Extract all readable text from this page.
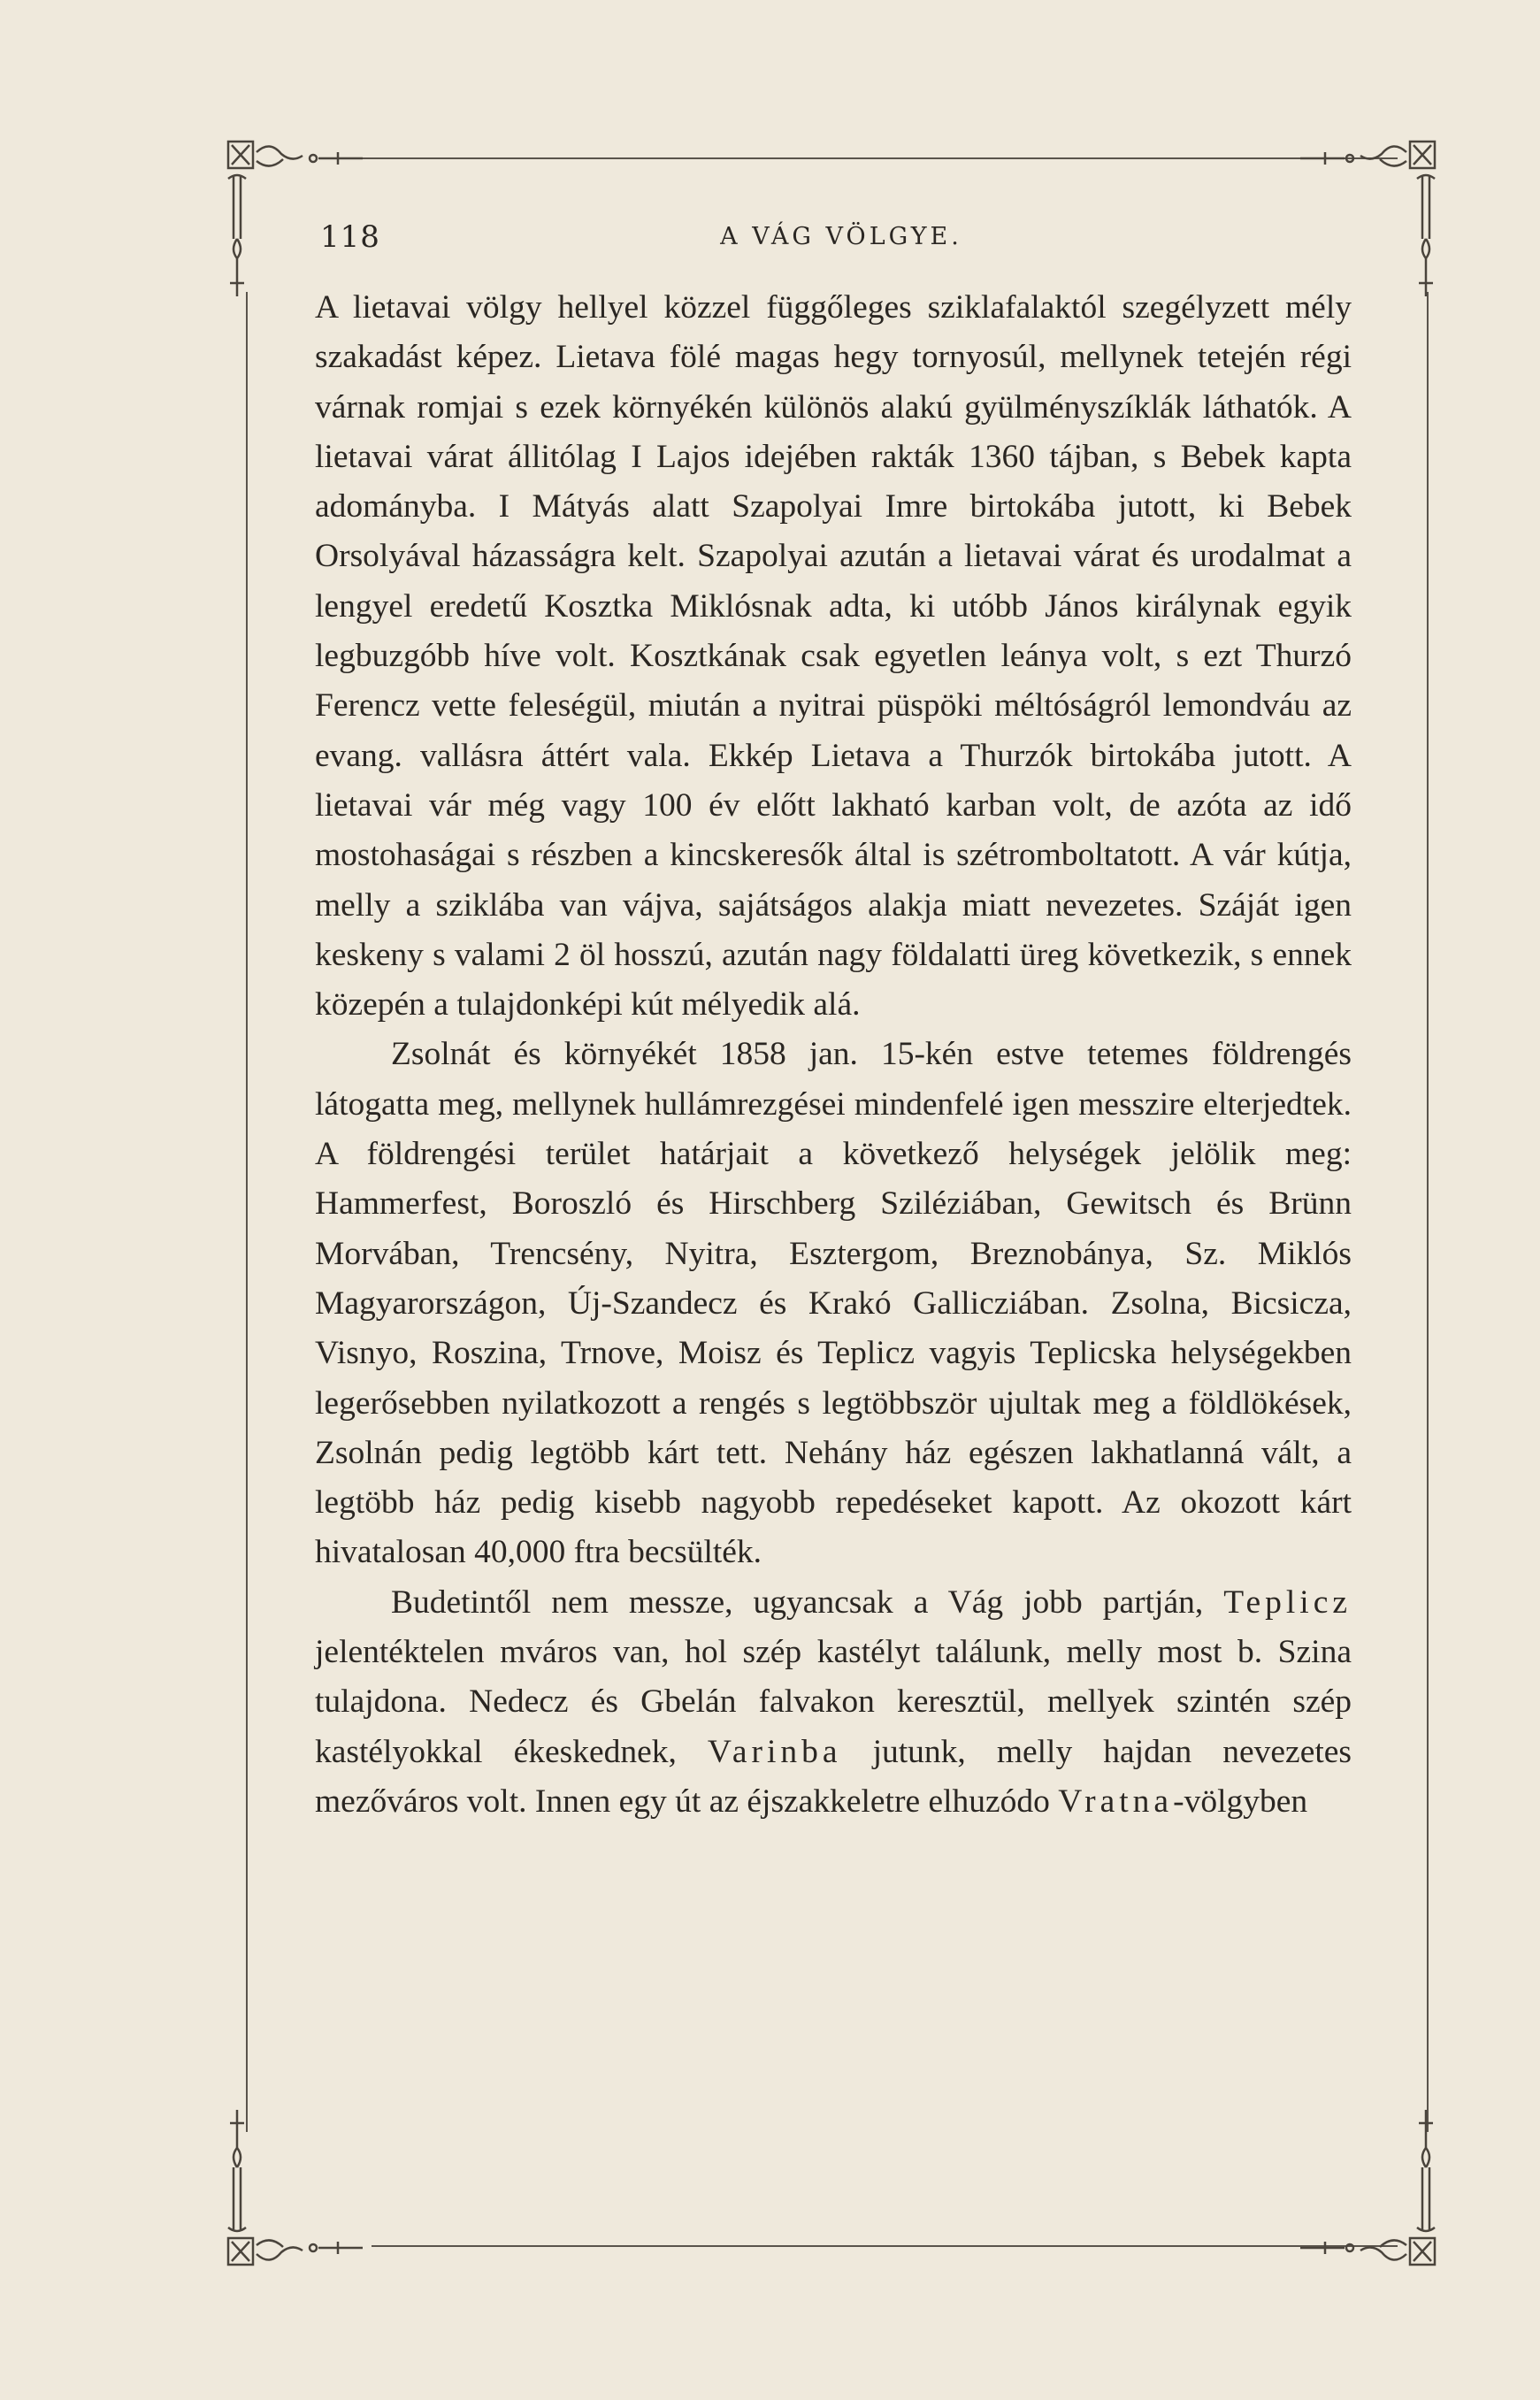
118	A VÁG VÖLGYE.

A lietavai völgy hellyel közzel függőleges sziklafalaktól szegélyzett mély szakadást képez. Lietava fölé magas hegy tornyosúl, mellynek tetején régi várnak romjai s ezek környékén különös alakú gyülményszíklák láthatók. A lietavai várat állitólag I Lajos idejében rakták 1360 tájban, s Bebek kapta adományba. I Mátyás alatt Szapolyai Imre birtokába jutott, ki Bebek Orsolyával házasságra kelt. Szapolyai azután a lietavai várat és urodalmat a lengyel eredetű Kosztka Miklósnak adta, ki utóbb János királynak egyik legbuzgóbb híve volt. Kosztkának csak egyetlen leánya volt, s ezt Thurzó Ferencz vette feleségül, miután a nyitrai püspöki méltóságról lemondváu az evang. vallásra áttért vala. Ekkép Lietava a Thurzók birtokába jutott. A lietavai vár még vagy 100 év előtt lakható karban volt, de azóta az idő mostohaságai s részben a kincskeresők által is szétromboltatott. A vár kútja, melly a sziklába van vájva, sajátságos alakja miatt nevezetes. Száját igen keskeny s valami 2 öl hosszú, azután nagy földalatti üreg következik, s ennek közepén a tulajdonképi kút mélyedik alá.

Zsolnát és környékét 1858 jan. 15-kén estve tetemes földrengés látogatta meg, mellynek hullámrezgései mindenfelé igen messzire elterjedtek. A földrengési terület határjait a következő helységek jelölik meg: Hammerfest, Boroszló és Hirschberg Sziléziában, Gewitsch és Brünn Morvában, Trencsény, Nyitra, Esztergom, Breznobánya, Sz. Miklós Magyarországon, Új-Szandecz és Krakó Gallicziában. Zsolna, Bicsicza, Visnyo, Roszina, Trnove, Moisz és Teplicz vagyis Teplicska helységekben legerősebben nyilatkozott a rengés s legtöbbször ujultak meg a földlökések, Zsolnán pedig legtöbb kárt tett. Nehány ház egészen lakhatlanná vált, a legtöbb ház pedig kisebb nagyobb repedéseket kapott. Az okozott kárt hivatalosan 40,000 ftra becsülték.

Budetintől nem messze, ugyancsak a Vág jobb partján, Teplicz jelentéktelen mváros van, hol szép kastélyt találunk, melly most b. Szina tulajdona. Nedecz és Gbelán falvakon keresztül, mellyek szintén szép kastélyokkal ékeskednek, Varinba jutunk, melly hajdan nevezetes mezőváros volt. Innen egy út az éjszakkeletre elhuzódo Vratna-völgyben
